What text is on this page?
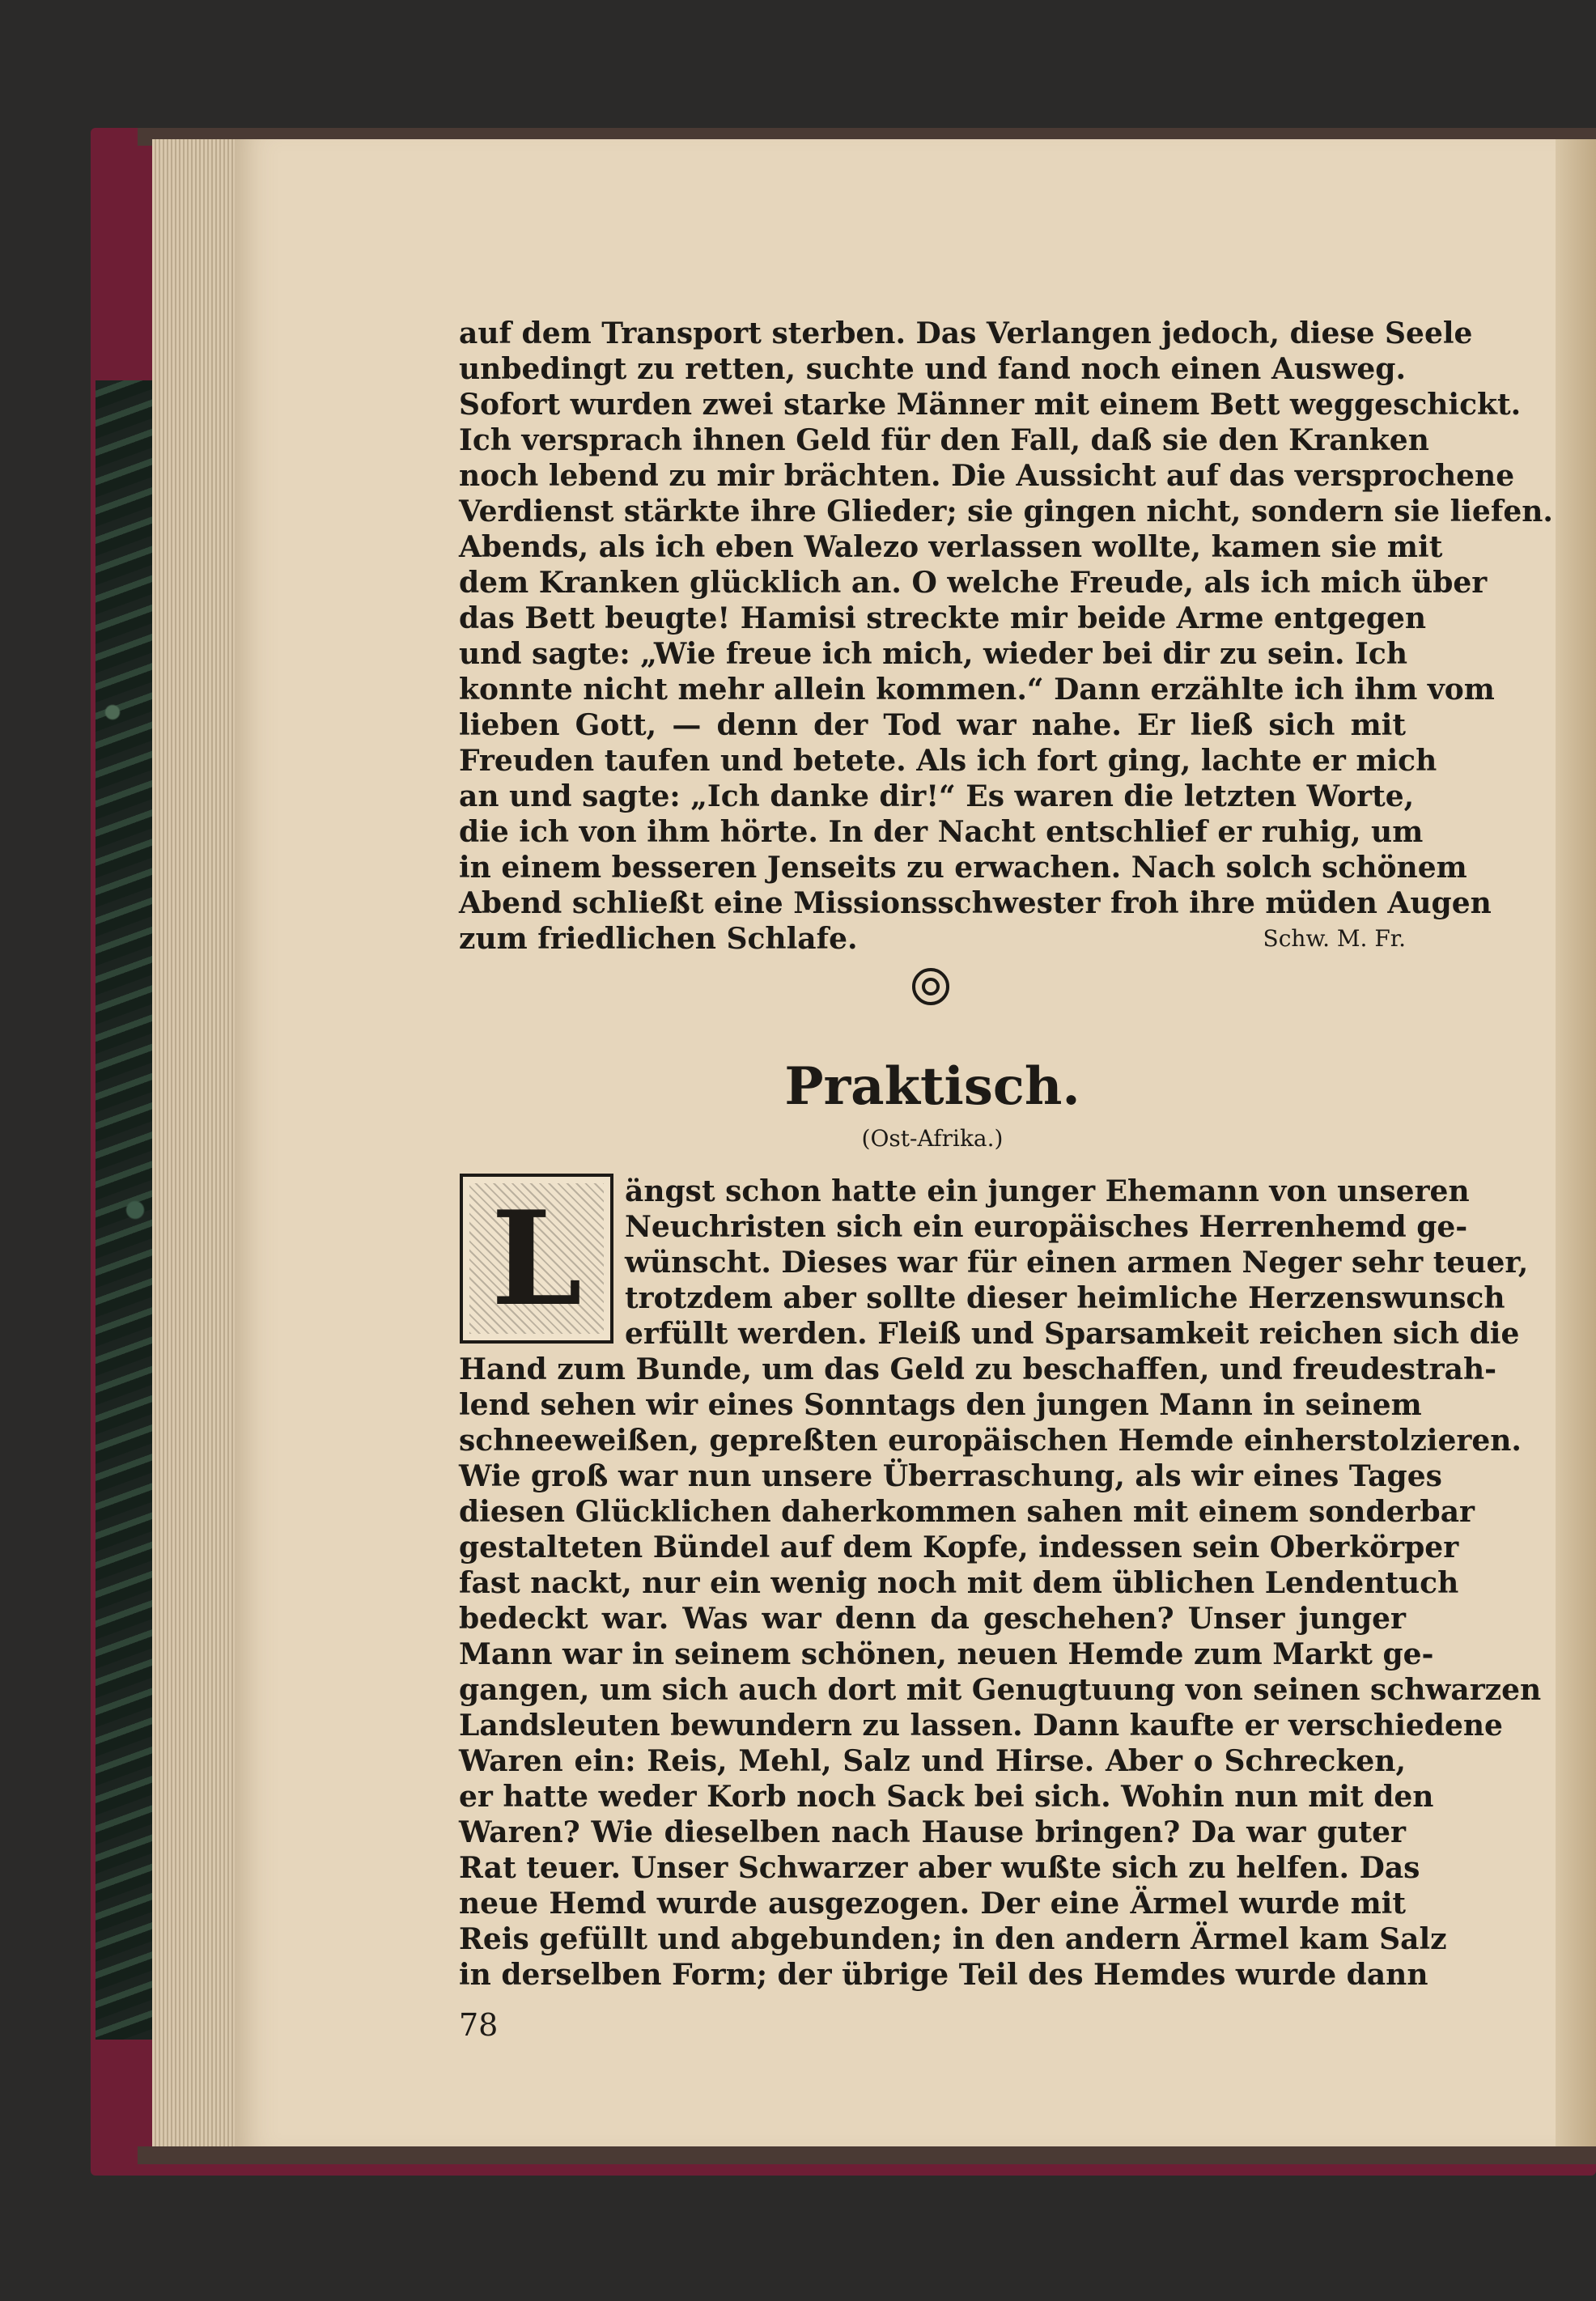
auf dem Transport sterben. Das Verlangen jedoch, diese Seele
unbedingt zu retten, suchte und fand noch einen Ausweg.
Sofort wurden zwei starke Männer mit einem Bett weggeschickt.
Ich versprach ihnen Geld für den Fall, daß sie den Kranken
noch lebend zu mir brächten. Die Aussicht auf das versprochene
Verdienst stärkte ihre Glieder; sie gingen nicht, sondern sie liefen.
Abends, als ich eben Walezo verlassen wollte, kamen sie mit
dem Kranken glücklich an. O welche Freude, als ich mich über
das Bett beugte! Hamisi streckte mir beide Arme entgegen
und sagte: „Wie freue ich mich, wieder bei dir zu sein. Ich
konnte nicht mehr allein kommen.“ Dann erzählte ich ihm vom
lieben Gott, — denn der Tod war nahe. Er ließ sich mit
Freuden taufen und betete. Als ich fort ging, lachte er mich
an und sagte: „Ich danke dir!“ Es waren die letzten Worte,
die ich von ihm hörte. In der Nacht entschlief er ruhig, um
in einem besseren Jenseits zu erwachen. Nach solch schönem
Abend schließt eine Missionsschwester froh ihre müden Augen
zum friedlichen Schlafe.	Schw. M. Fr.
Praktisch.
(Ost-Afrika.)
L ängst schon hatte ein junger Ehemann von unseren
Neuchristen sich ein europäisches Herrenhemd ge-
wünscht. Dieses war für einen armen Neger sehr teuer,
trotzdem aber sollte dieser heimliche Herzenswunsch
erfüllt werden. Fleiß und Sparsamkeit reichen sich die
Hand zum Bunde, um das Geld zu beschaffen, und freudestrah-
lend sehen wir eines Sonntags den jungen Mann in seinem
schneeweißen, gepreßten europäischen Hemde einherstolzieren.
Wie groß war nun unsere Überraschung, als wir eines Tages
diesen Glücklichen daherkommen sahen mit einem sonderbar
gestalteten Bündel auf dem Kopfe, indessen sein Oberkörper
fast nackt, nur ein wenig noch mit dem üblichen Lendentuch
bedeckt war. Was war denn da geschehen? Unser junger
Mann war in seinem schönen, neuen Hemde zum Markt ge-
gangen, um sich auch dort mit Genugtuung von seinen schwarzen
Landsleuten bewundern zu lassen. Dann kaufte er verschiedene
Waren ein: Reis, Mehl, Salz und Hirse. Aber o Schrecken,
er hatte weder Korb noch Sack bei sich. Wohin nun mit den
Waren? Wie dieselben nach Hause bringen? Da war guter
Rat teuer. Unser Schwarzer aber wußte sich zu helfen. Das
neue Hemd wurde ausgezogen. Der eine Ärmel wurde mit
Reis gefüllt und abgebunden; in den andern Ärmel kam Salz
in derselben Form; der übrige Teil des Hemdes wurde dann
78
